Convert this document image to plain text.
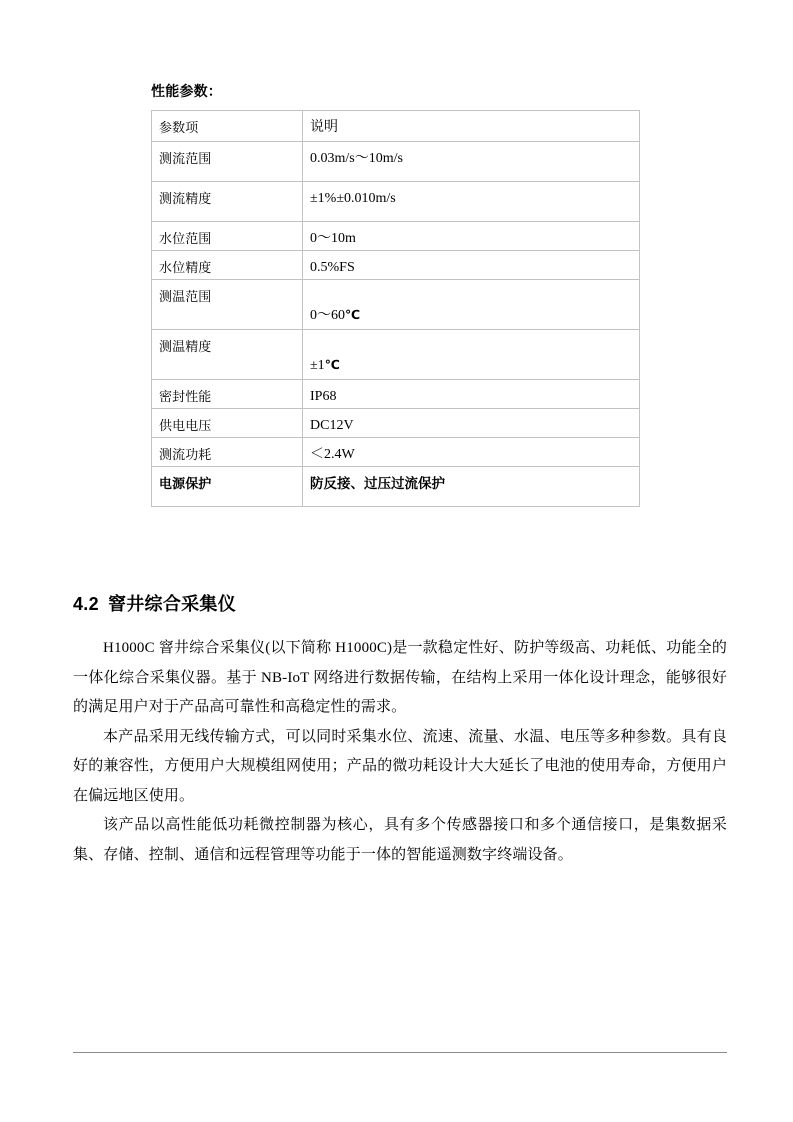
性能参数：
参数项	说明

测流范围	0.03m/s～10m/s

测流精度	±1%±0.010m/s

水位范围	0～10m

水位精度	0.5%FS

测温范围	0～60℃

测温精度	±1℃

密封性能	IP68

供电电压	DC12V

测流功耗	＜2.4W

电源保护	防反接、过压过流保护
4.2 窨井综合采集仪

H1000C 窨井综合采集仪(以下简称 H1000C)是一款稳定性好、防护等级高、功耗低、功能全的一体化综合采集仪器。基于 NB-IoT 网络进行数据传输，在结构上采用一体化设计理念，能够很好的满足用户对于产品高可靠性和高稳定性的需求。

本产品采用无线传输方式，可以同时采集水位、流速、流量、水温、电压等多种参数。具有良好的兼容性，方便用户大规模组网使用；产品的微功耗设计大大延长了电池的使用寿命，方便用户在偏远地区使用。

该产品以高性能低功耗微控制器为核心，具有多个传感器接口和多个通信接口，是集数据采集、存储、控制、通信和远程管理等功能于一体的智能遥测数字终端设备。
